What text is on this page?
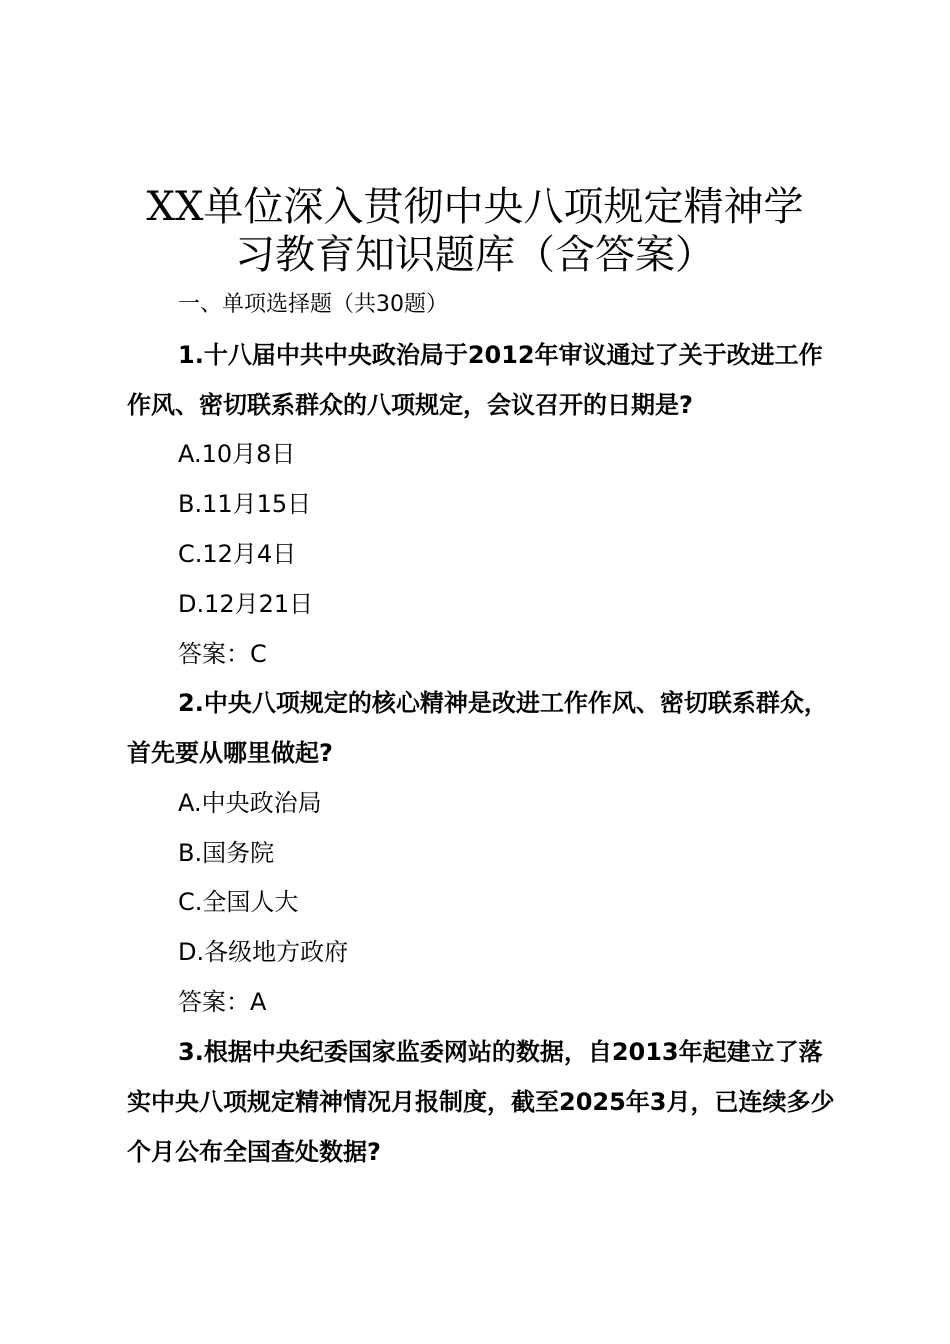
XX单位深入贯彻中央八项规定精神学
习教育知识题库（含答案）
一、单项选择题（共30题）
1.十八届中共中央政治局于2012年审议通过了关于改进工作作风、密切联系群众的八项规定，会议召开的日期是?
A.10月8日
B.11月15日
C.12月4日
D.12月21日
答案：C
2.中央八项规定的核心精神是改进工作作风、密切联系群众，首先要从哪里做起?
A.中央政治局
B.国务院
C.全国人大
D.各级地方政府
答案：A
3.根据中央纪委国家监委网站的数据，自2013年起建立了落实中央八项规定精神情况月报制度，截至2025年3月，已连续多少个月公布全国查处数据?
